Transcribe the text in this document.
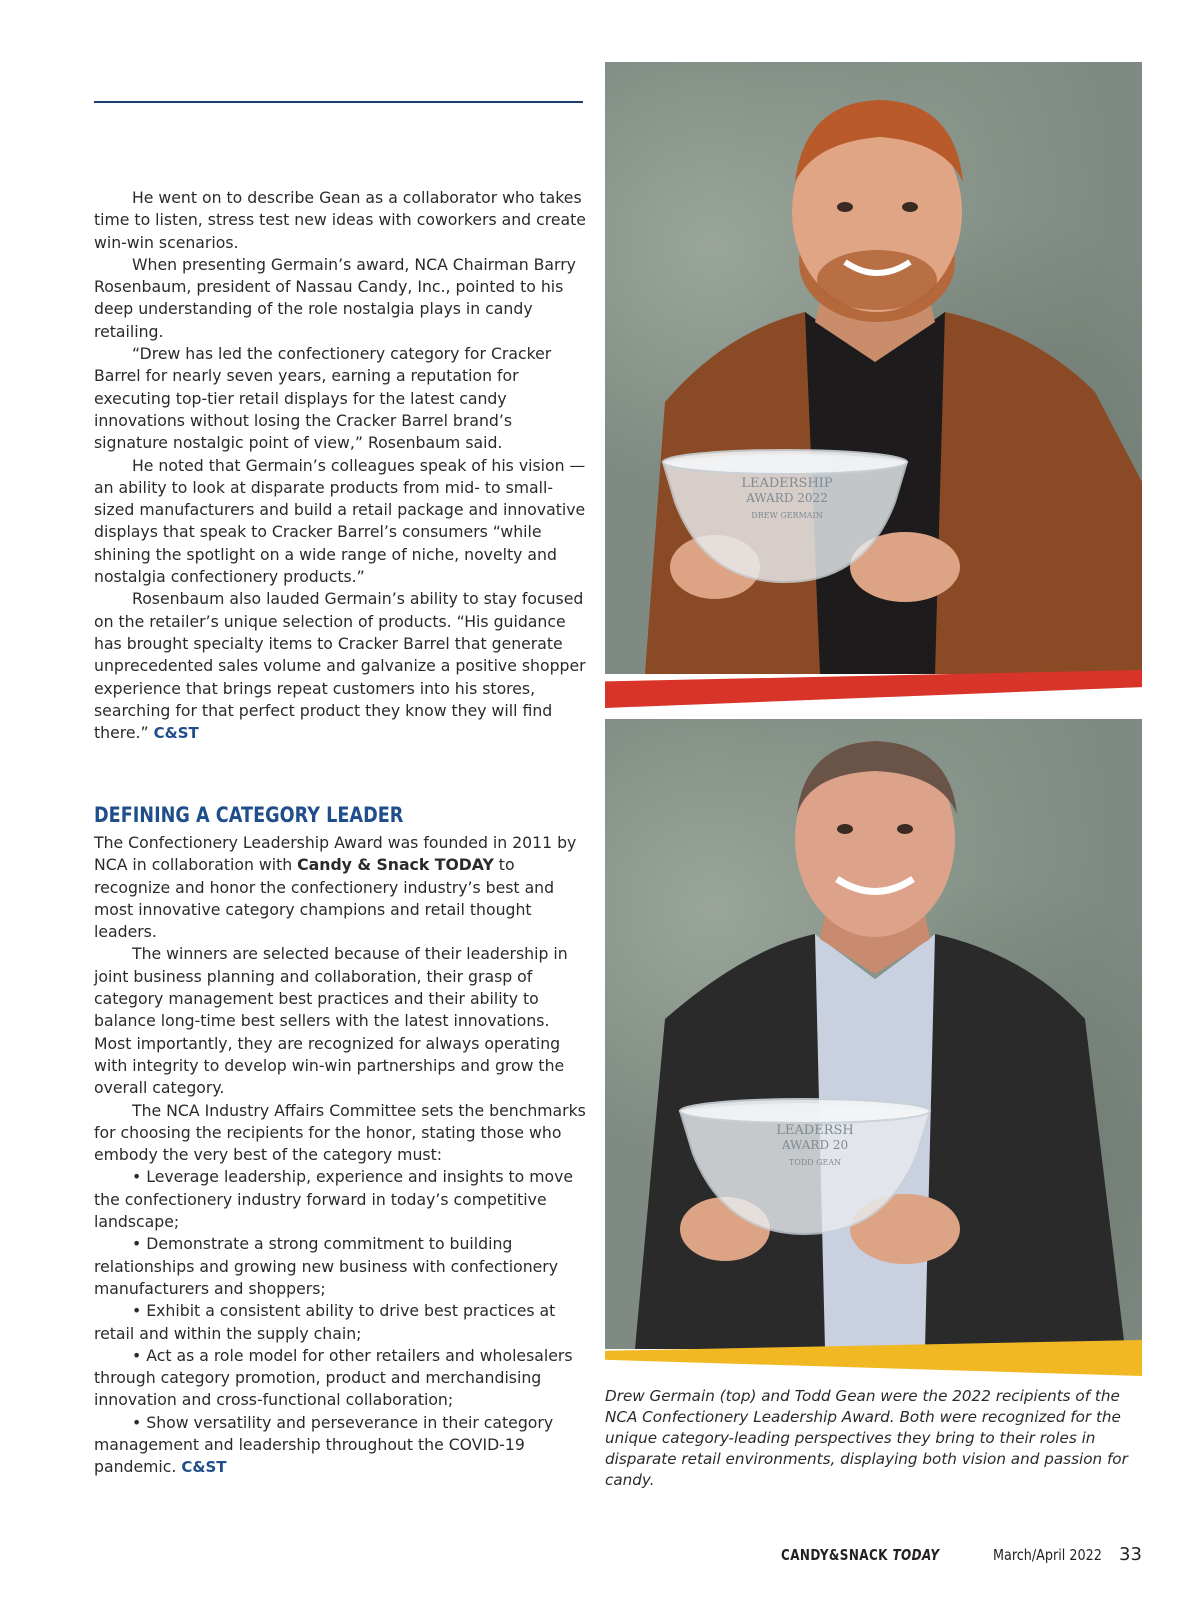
He went on to describe Gean as a collaborator who takes time to listen, stress test new ideas with coworkers and create win-win scenarios.

When presenting Germain’s award, NCA Chairman Barry Rosenbaum, president of Nassau Candy, Inc., pointed to his deep understanding of the role nostalgia plays in candy retailing.

“Drew has led the confectionery category for Cracker Barrel for nearly seven years, earning a reputation for executing top-tier retail displays for the latest candy innovations without losing the Cracker Barrel brand’s signature nostalgic point of view,” Rosenbaum said.

He noted that Germain’s colleagues speak of his vision — an ability to look at disparate products from mid- to small-sized manufacturers and build a retail package and innovative displays that speak to Cracker Barrel’s consumers “while shining the spotlight on a wide range of niche, novelty and nostalgia confectionery products.”

Rosenbaum also lauded Germain’s ability to stay focused on the retailer’s unique selection of products. “His guidance has brought specialty items to Cracker Barrel that generate unprecedented sales volume and galvanize a positive shopper experience that brings repeat customers into his stores, searching for that perfect product they know they will find there.” C&ST

DEFINING A CATEGORY LEADER

The Confectionery Leadership Award was founded in 2011 by NCA in collaboration with Candy & Snack TODAY to recognize and honor the confectionery industry’s best and most innovative category champions and retail thought leaders.

The winners are selected because of their leadership in joint business planning and collaboration, their grasp of category management best practices and their ability to balance long-time best sellers with the latest innovations. Most importantly, they are recognized for always operating with integrity to develop win-win partnerships and grow the overall category.

The NCA Industry Affairs Committee sets the benchmarks for choosing the recipients for the honor, stating those who embody the very best of the category must:

• Leverage leadership, experience and insights to move the confectionery industry forward in today’s competitive landscape;

• Demonstrate a strong commitment to building relationships and growing new business with confectionery manufacturers and shoppers;

• Exhibit a consistent ability to drive best practices at retail and within the supply chain;

• Act as a role model for other retailers and wholesalers through category promotion, product and merchandising innovation and cross-functional collaboration;

• Show versatility and perseverance in their category management and leadership throughout the COVID-19 pandemic. C&ST

LEADERSHIP
AWARD 2022
DREW GERMAIN
LEADERSH
AWARD 20
TODD GEAN
Drew Germain (top) and Todd Gean were the 2022 recipients of the NCA Confectionery Leadership Award. Both were recognized for the unique category-leading perspectives they bring to their roles in disparate retail environments, displaying both vision and passion for candy.
CANDY&SNACK TODAY	March/April 2022 33
